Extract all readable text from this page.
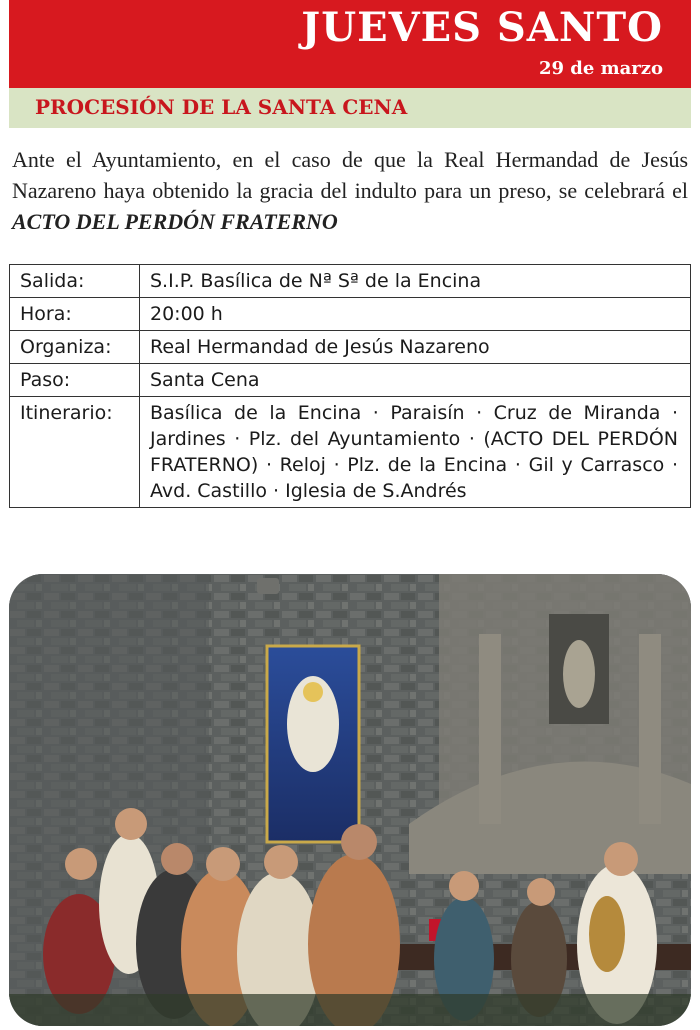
JUEVES SANTO
29 de marzo
PROCESIÓN DE LA SANTA CENA

Ante el Ayuntamiento, en el caso de que la Real Hermandad de Jesús Nazareno haya obtenido la gracia del indulto para un preso, se celebrará el ACTO DEL PERDÓN FRATERNO

Salida:	S.I.P. Basílica de Nª Sª de la Encina
Hora:	20:00 h
Organiza:	Real Hermandad de Jesús Nazareno
Paso:	Santa Cena
Itinerario:	Basílica de la Encina · Paraisín · Cruz de Miranda · Jardines · Plz. del Ayuntamiento · (ACTO DEL PERDÓN FRATERNO) · Reloj · Plz. de la Encina · Gil y Carrasco · Avd. Castillo · Iglesia de S.Andrés
